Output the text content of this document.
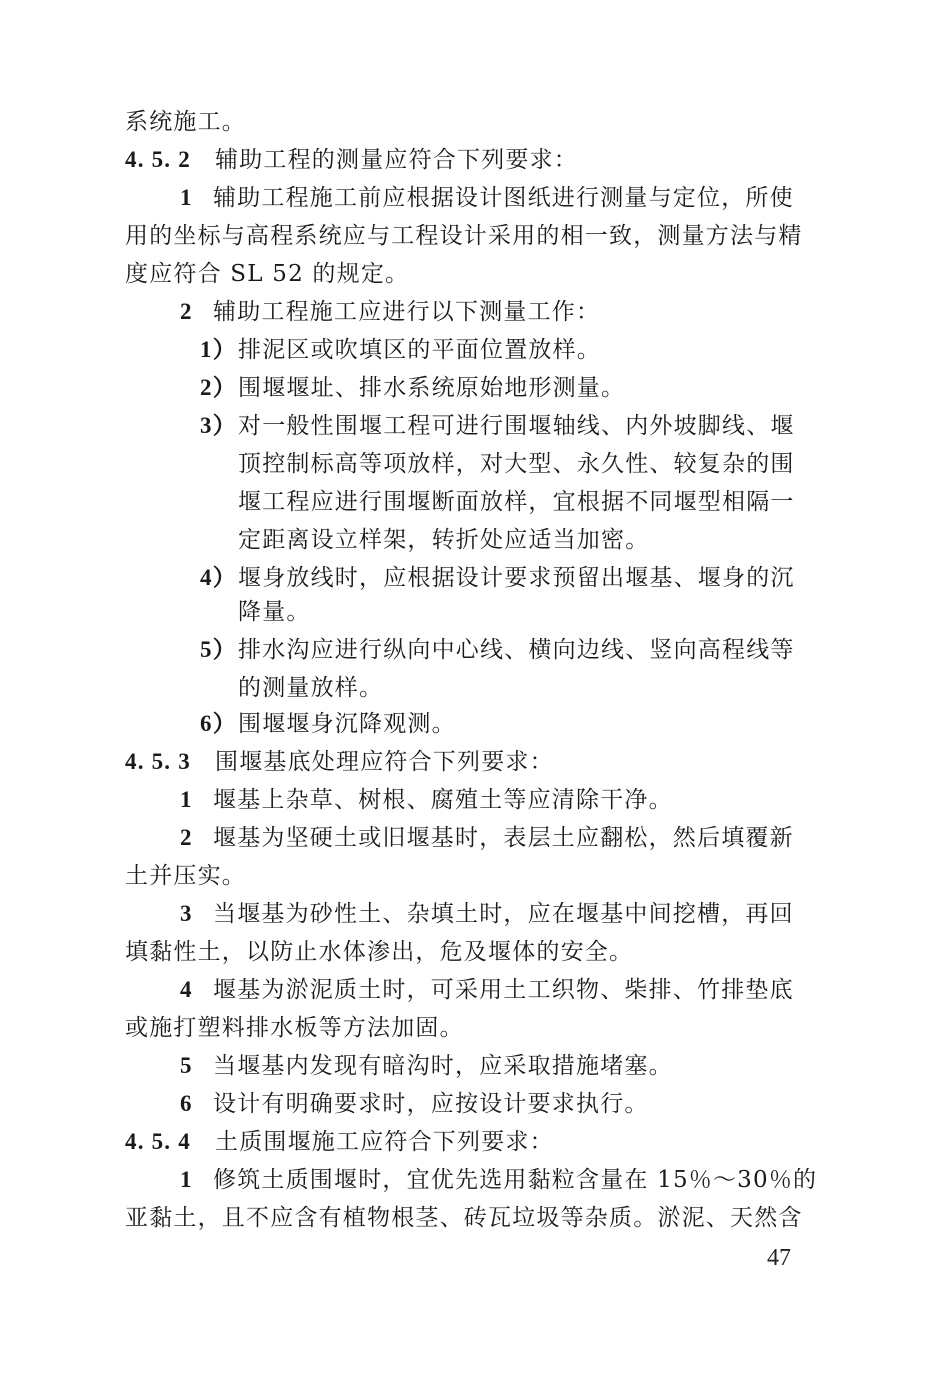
系统施工。
4. 5. 2 辅助工程的测量应符合下列要求：
1 辅助工程施工前应根据设计图纸进行测量与定位，所使
用的坐标与高程系统应与工程设计采用的相一致，测量方法与精
度应符合 SL 52 的规定。
2 辅助工程施工应进行以下测量工作：
1）排泥区或吹填区的平面位置放样。
2）围堰堰址、排水系统原始地形测量。
3）对一般性围堰工程可进行围堰轴线、内外坡脚线、堰
顶控制标高等项放样，对大型、永久性、较复杂的围
堰工程应进行围堰断面放样，宜根据不同堰型相隔一
定距离设立样架，转折处应适当加密。
4）堰身放线时，应根据设计要求预留出堰基、堰身的沉
降量。
5）排水沟应进行纵向中心线、横向边线、竖向高程线等
的测量放样。
6）围堰堰身沉降观测。
4. 5. 3 围堰基底处理应符合下列要求：
1 堰基上杂草、树根、腐殖土等应清除干净。
2 堰基为坚硬土或旧堰基时，表层土应翻松，然后填覆新
土并压实。
3 当堰基为砂性土、杂填土时，应在堰基中间挖槽，再回
填黏性土，以防止水体渗出，危及堰体的安全。
4 堰基为淤泥质土时，可采用土工织物、柴排、竹排垫底
或施打塑料排水板等方法加固。
5 当堰基内发现有暗沟时，应采取措施堵塞。
6 设计有明确要求时，应按设计要求执行。
4. 5. 4 土质围堰施工应符合下列要求：
1 修筑土质围堰时，宜优先选用黏粒含量在 15％～30％的
亚黏土，且不应含有植物根茎、砖瓦垃圾等杂质。淤泥、天然含
47
